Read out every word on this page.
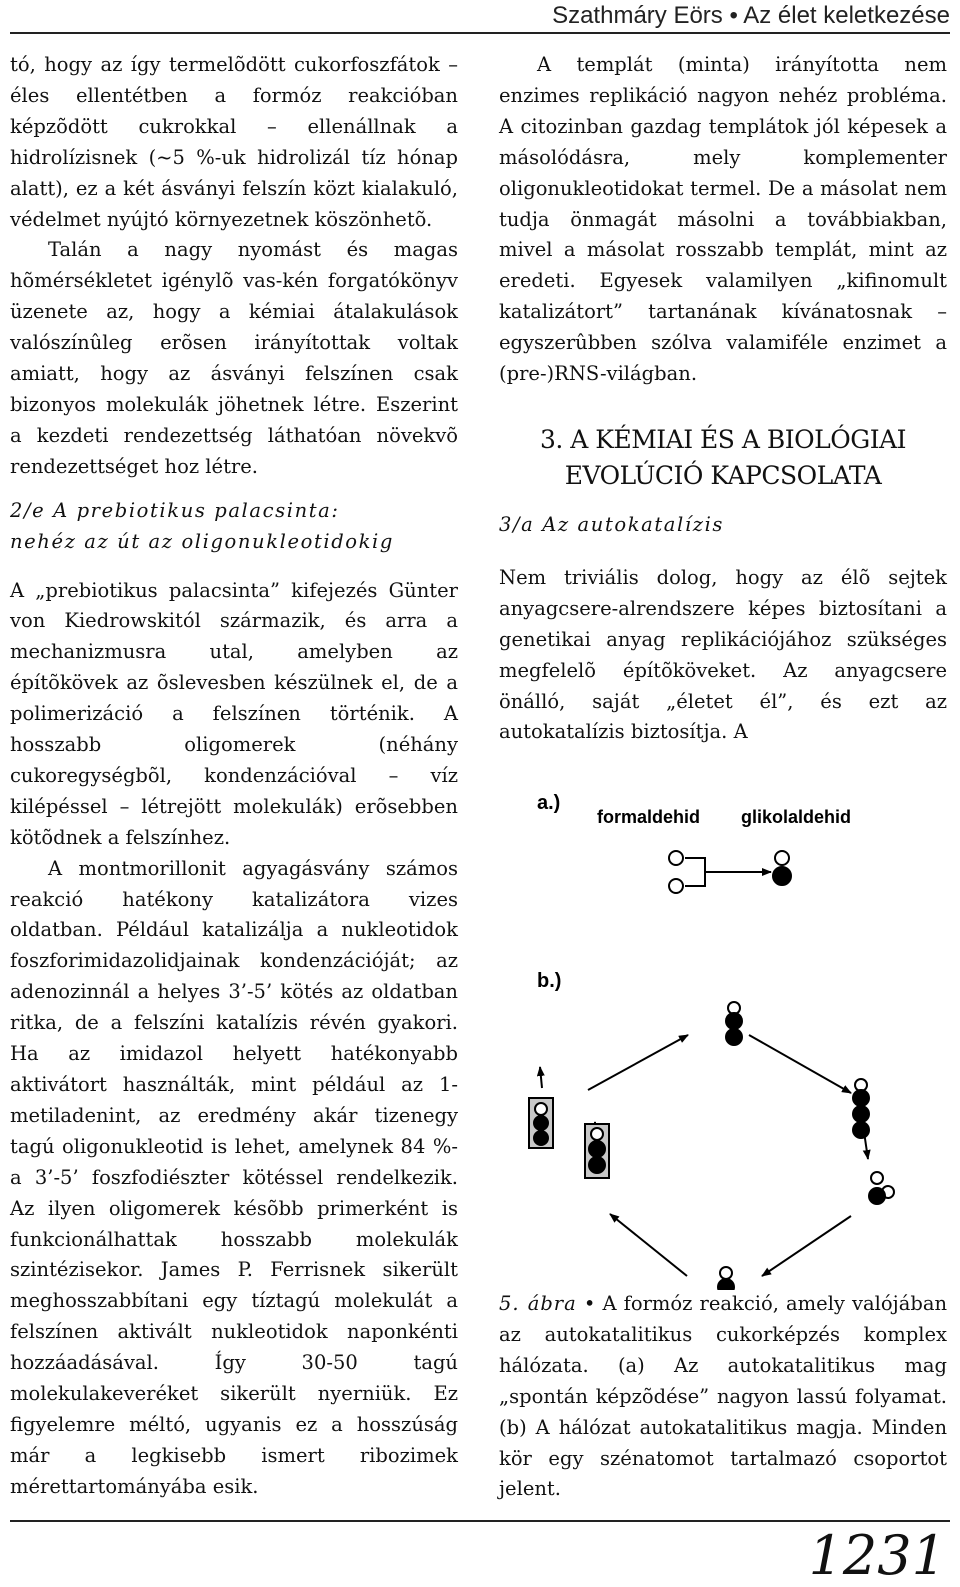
Szathmáry Eörs • Az élet keletkezése

tó, hogy az így termelõdött cukorfoszfátok – éles ellentétben a formóz reakcióban képzõdött cukrokkal – ellenállnak a hidrolízisnek (~5 %-uk hidrolizál tíz hónap alatt), ez a két ásványi felszín közt kialakuló, védelmet nyújtó környezetnek köszönhetõ.

Talán a nagy nyomást és magas hõmérsékletet igénylõ vas-kén forgatókönyv üzenete az, hogy a kémiai átalakulások valószínûleg erõsen irányítottak voltak amiatt, hogy az ásványi felszínen csak bizonyos molekulák jöhetnek létre. Eszerint a kezdeti rendezettség láthatóan növekvõ rendezettséget hoz létre.

2/e A prebiotikus palacsinta:
nehéz az út az oligonukleotidokig

A „prebiotikus palacsinta” kifejezés Günter von Kiedrowskitól származik, és arra a mechanizmusra utal, amelyben az építõkövek az õslevesben készülnek el, de a polimerizáció a felszínen történik. A hosszabb oligomerek (néhány cukoregységbõl, kondenzációval – víz kilépéssel – létrejött molekulák) erõsebben kötõdnek a felszínhez.

A montmorillonit agyagásvány számos reakció hatékony katalizátora vizes oldatban. Például katalizálja a nukleotidok foszforimidazolidjainak kondenzációját; az adenozinnál a helyes 3’-5’ kötés az oldatban ritka, de a felszíni katalízis révén gyakori. Ha az imidazol helyett hatékonyabb aktivátort használták, mint például az 1-metiladenint, az eredmény akár tizenegy tagú oligonukleotid is lehet, amelynek 84 %-a 3’-5’ foszfodiészter kötéssel rendelkezik. Az ilyen oligomerek késõbb primerként is funkcionálhattak hosszabb molekulák szintézisekor. James P. Ferrisnek sikerült meghosszabbítani egy tíztagú molekulát a felszínen aktivált nukleotidok naponkénti hozzáadásával. Így 30-50 tagú molekulakeveréket sikerült nyerniük. Ez figyelemre méltó, ugyanis ez a hosszúság már a legkisebb ismert ribozimek mérettartományába esik.

A templát (minta) irányította nem enzimes replikáció nagyon nehéz probléma. A citozinban gazdag templátok jól képesek a másolódásra, mely komplementer oligonukleotidokat termel. De a másolat nem tudja önmagát másolni a továbbiakban, mivel a másolat rosszabb templát, mint az eredeti. Egyesek valamilyen „kifinomult katalizátort” tartanának kívánatosnak – egyszerûbben szólva valamiféle enzimet a (pre-)RNS-világban.

3. A KÉMIAI ÉS A BIOLÓGIAI
EVOLÚCIÓ KAPCSOLATA
3/a Az autokatalízis

Nem triviális dolog, hogy az élõ sejtek anyagcsere-alrendszere képes biztosítani a genetikai anyag replikációjához szükséges megfelelõ építõköveket. Az anyagcsere önálló, saját „életet él”, és ezt az autokatalízis biztosítja. A

a.)
formaldehid glikolaldehid
b.)
5. ábra • A formóz reakció, amely valójában az autokatalitikus cukorképzés komplex hálózata. (a) Az autokatalitikus mag „spontán képzõdése” nagyon lassú folyamat. (b) A hálózat autokatalitikus magja. Minden kör egy szénatomot tartalmazó csoportot jelent.
1231
